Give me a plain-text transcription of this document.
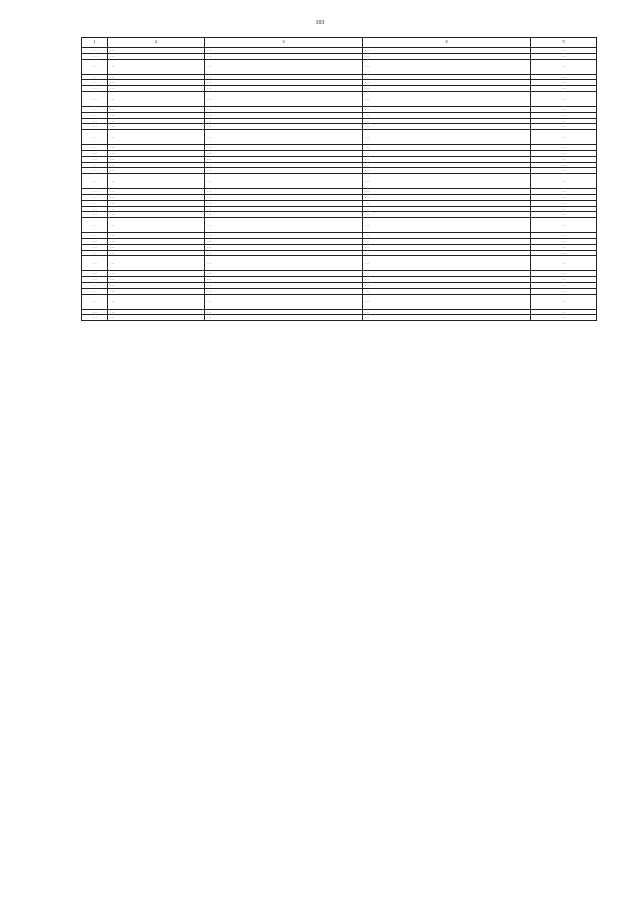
103
1	2	3	4	5
…	…	…	…	…
…	…	…	…	…
…	…	…	…	…
…	…	…	…	…
…	…	…	…	…
…	…	…	…	…
…	…	…	…	…
…	…	…	…	…
…	…	…	…	…
…	…	…	…	…
…	…	…	…	…
…	…	…	…	…
…	…	…	…	…
…	…	…	…	…
…	…	…	…	…
…	…	…	…	…
…	…	…	…	…
…	…	…	…	…
…	…	…	…	…
…	…	…	…	…
…	…	…	…	…
…	…	…	…	…
…	…	…	…	…
…	…	…	…	…
…	…	…	…	…
…	…	…	…	…
…	…	…	…	…
…	…	…	…	…
…	…	…	…	…
…	…	…	…	…
…	…	…	…	…
…	…	…	…	…
…	…	…	…	…
…	…	…	…	…
…	…	…	…	…
…	…	…	…	…
